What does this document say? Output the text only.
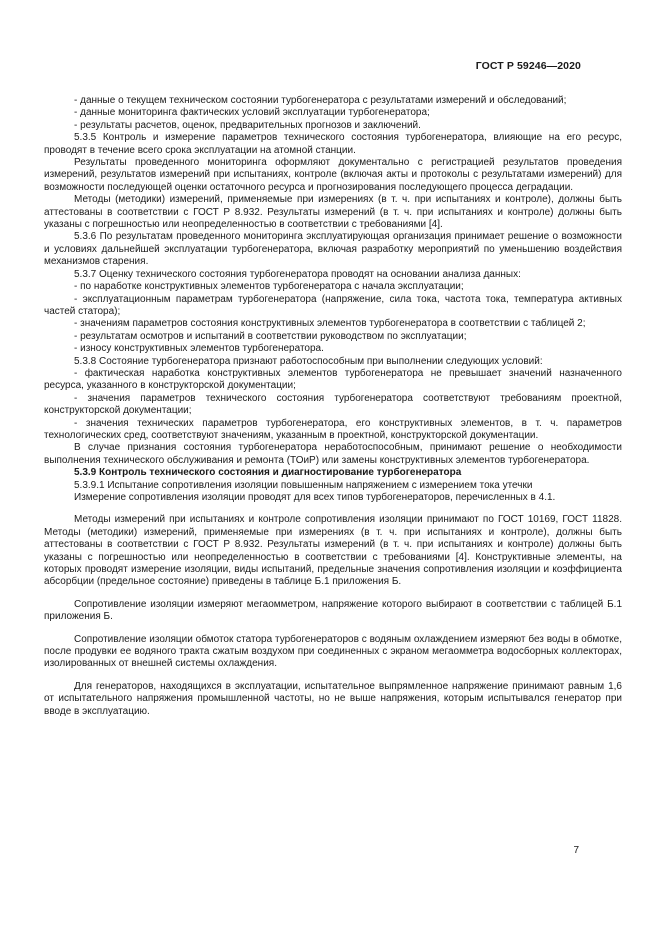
ГОСТ Р 59246—2020

- данные о текущем техническом состоянии турбогенератора с результатами измерений и обследований;

- данные мониторинга фактических условий эксплуатации турбогенератора;

- результаты расчетов, оценок, предварительных прогнозов и заключений.

5.3.5 Контроль и измерение параметров технического состояния турбогенератора, влияющие на его ресурс, проводят в течение всего срока эксплуатации на атомной станции.

Результаты проведенного мониторинга оформляют документально с регистрацией результатов проведения измерений, результатов измерений при испытаниях, контроле (включая акты и протоколы с результатами измерений) для возможности последующей оценки остаточного ресурса и прогнозирования последующего процесса деградации.

Методы (методики) измерений, применяемые при измерениях (в т. ч. при испытаниях и контроле), должны быть аттестованы в соответствии с ГОСТ Р 8.932. Результаты измерений (в т. ч. при испытаниях и контроле) должны быть указаны с погрешностью или неопределенностью в соответствии с требованиями [4].

5.3.6 По результатам проведенного мониторинга эксплуатирующая организация принимает решение о возможности и условиях дальнейшей эксплуатации турбогенератора, включая разработку мероприятий по уменьшению воздействия механизмов старения.

5.3.7 Оценку технического состояния турбогенератора проводят на основании анализа данных:

- по наработке конструктивных элементов турбогенератора с начала эксплуатации;

- эксплуатационным параметрам турбогенератора (напряжение, сила тока, частота тока, температура активных частей статора);

- значениям параметров состояния конструктивных элементов турбогенератора в соответствии с таблицей 2;

- результатам осмотров и испытаний в соответствии руководством по эксплуатации;

- износу конструктивных элементов турбогенератора.

5.3.8 Состояние турбогенератора признают работоспособным при выполнении следующих условий:

- фактическая наработка конструктивных элементов турбогенератора не превышает значений назначенного ресурса, указанного в конструкторской документации;

- значения параметров технического состояния турбогенератора соответствуют требованиям проектной, конструкторской документации;

- значения технических параметров турбогенератора, его конструктивных элементов, в т. ч. параметров технологических сред, соответствуют значениям, указанным в проектной, конструкторской документации.

В случае признания состояния турбогенератора неработоспособным, принимают решение о необходимости выполнения технического обслуживания и ремонта (ТОиР) или замены конструктивных элементов турбогенератора.

5.3.9 Контроль технического состояния и диагностирование турбогенератора

5.3.9.1 Испытание сопротивления изоляции повышенным напряжением с измерением тока утечки

Измерение сопротивления изоляции проводят для всех типов турбогенераторов, перечисленных в 4.1.

Методы измерений при испытаниях и контроле сопротивления изоляции принимают по ГОСТ 10169, ГОСТ 11828. Методы (методики) измерений, применяемые при измерениях (в т. ч. при испытаниях и контроле), должны быть аттестованы в соответствии с ГОСТ Р 8.932. Результаты измерений (в т. ч. при испытаниях и контроле) должны быть указаны с погрешностью или неопределенностью в соответствии с требованиями [4]. Конструктивные элементы, на которых проводят измерение изоляции, виды испытаний, предельные значения сопротивления изоляции и коэффициента абсорбции (предельное состояние) приведены в таблице Б.1 приложения Б.

Сопротивление изоляции измеряют мегаомметром, напряжение которого выбирают в соответствии с таблицей Б.1 приложения Б.

Сопротивление изоляции обмоток статора турбогенераторов с водяным охлаждением измеряют без воды в обмотке, после продувки ее водяного тракта сжатым воздухом при соединенных с экраном мегаомметра водосборных коллекторах, изолированных от внешней системы охлаждения.

Для генераторов, находящихся в эксплуатации, испытательное выпрямленное напряжение принимают равным 1,6 от испытательного напряжения промышленной частоты, но не выше напряжения, которым испытывался генератор при вводе в эксплуатацию.

7
